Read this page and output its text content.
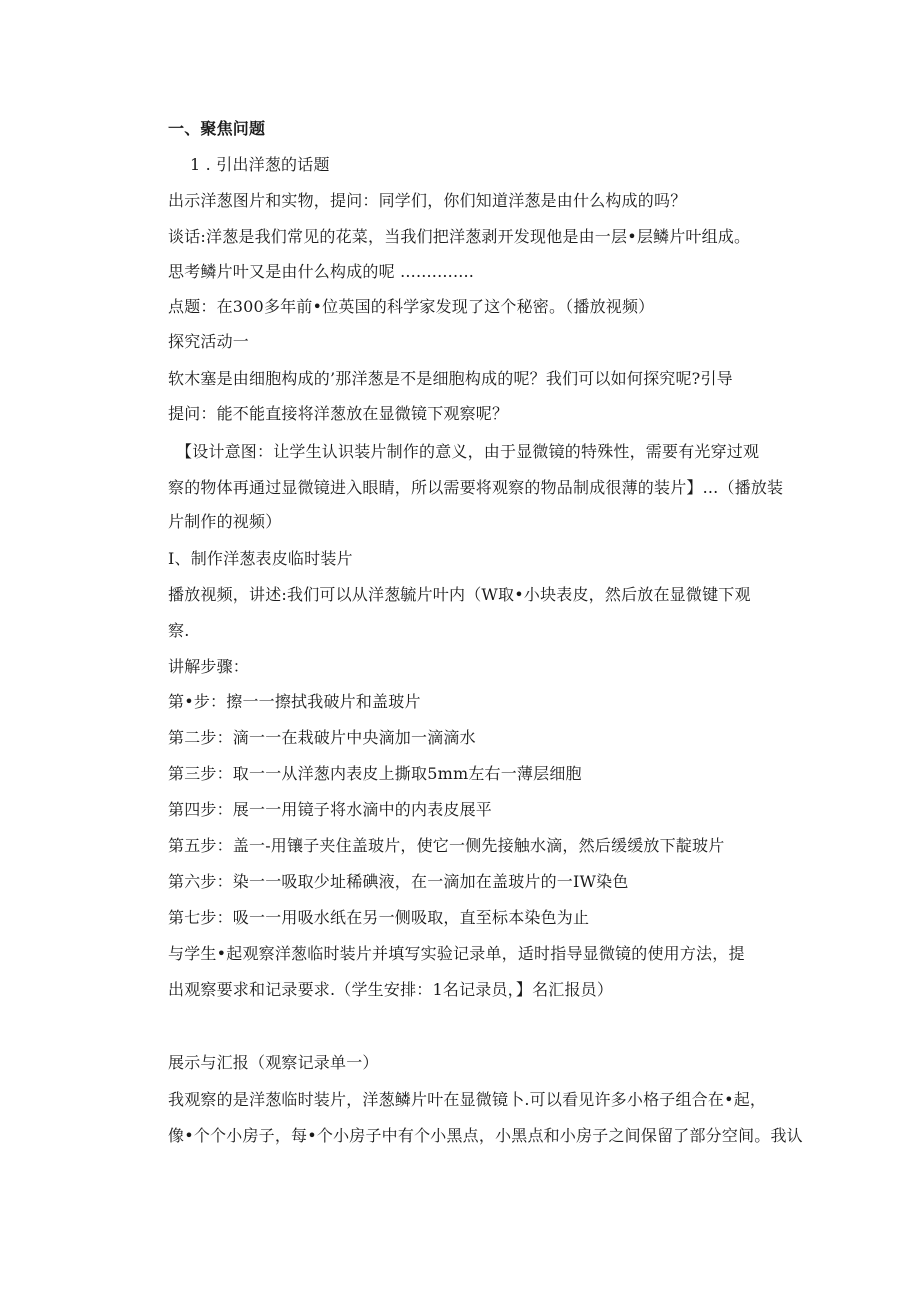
一、聚焦问题
1 . 引出洋葱的话题
出示洋葱图片和实物，提问：同学们，你们知道洋葱是由什么构成的吗？
谈话:洋葱是我们常见的花菜，当我们把洋葱剥开发现他是由一层•层鳞片叶组成。
思考鳞片叶又是由什么构成的呢 ..............
点题：在300多年前•位英国的科学家发现了这个秘密。（播放视频）
探究活动一
软木塞是由细胞构成的’那洋葱是不是细胞构成的呢？我们可以如何探究呢?引导
提问：能不能直接将洋葱放在显微镜下观察呢？
【设计意图：让学生认识装片制作的意义，由于显微镜的特殊性，需要有光穿过观
察的物体再通过显微镜进入眼睛，所以需要将观察的物品制成很薄的装片】...（播放装
片制作的视频）
I、制作洋葱表皮临时装片
播放视频，讲述:我们可以从洋葱毓片叶内（W取•小块表皮，然后放在显微键下观
察.
讲解步骤：
第•步：擦一一擦拭我破片和盖玻片
第二步：滴一一在栽破片中央滴加一滴滴水
第三步：取一一从洋葱内表皮上撕取5mm左右一薄层细胞
第四步：展一一用镜子将水滴中的内表皮展平
第五步：盖一-用镶子夹住盖玻片，使它一侧先接触水滴，然后缓缓放下靛玻片
第六步：染一一吸取少址稀碘液，在一滴加在盖玻片的一IW染色
第七步：吸一一用吸水纸在另一侧吸取，直至标本染色为止
与学生•起观察洋葱临时装片并填写实验记录单，适时指导显微镜的使用方法，提
出观察要求和记录要求.（学生安排：1名记录员，】名汇报员）
展示与汇报（观察记录单一）
我观察的是洋葱临时装片，洋葱鳞片叶在显微镜卜.可以看见许多小格子组合在•起，
像•个个小房子，每•个小房子中有个小黑点，小黑点和小房子之间保留了部分空间。我认
